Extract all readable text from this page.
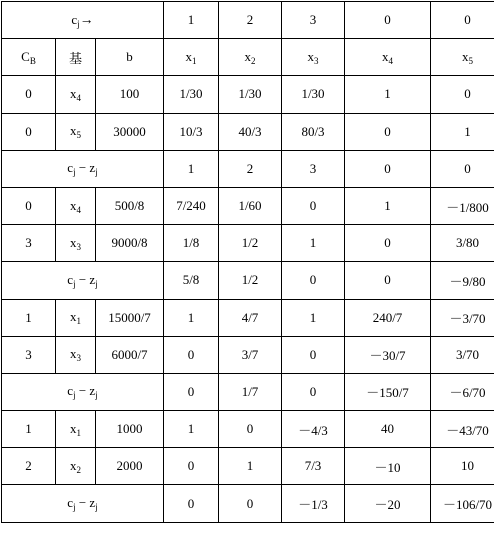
$c_j\to$			1	2	3	0	0
$C_B$	基	b	$x_1$	$x_2$	$x_3$	$x_4$	$x_5$
0	$x_4$	100	1/30	1/30	1/30	1	0
0	$x_5$	30000	10/3	40/3	80/3	0	1
$c_j - z_j$			1	2	3	0	0
0	$x_4$	500/8	7/240	1/60	0	1	－1/800
3	$x_3$	9000/8	1/8	1/2	1	0	3/80
$c_j - z_j$			5/8	1/2	0	0	－9/80
1	$x_1$	15000/7	1	4/7	1	240/7	－3/70
3	$x_3$	6000/7	0	3/7	0	－30/7	3/70
$c_j - z_j$			0	1/7	0	－150/7	－6/70
1	$x_1$	1000	1	0	－4/3	40	－43/70
2	$x_2$	2000	0	1	7/3	－10	10
$c_j - z_j$			0	0	－1/3	－20	－106/70
